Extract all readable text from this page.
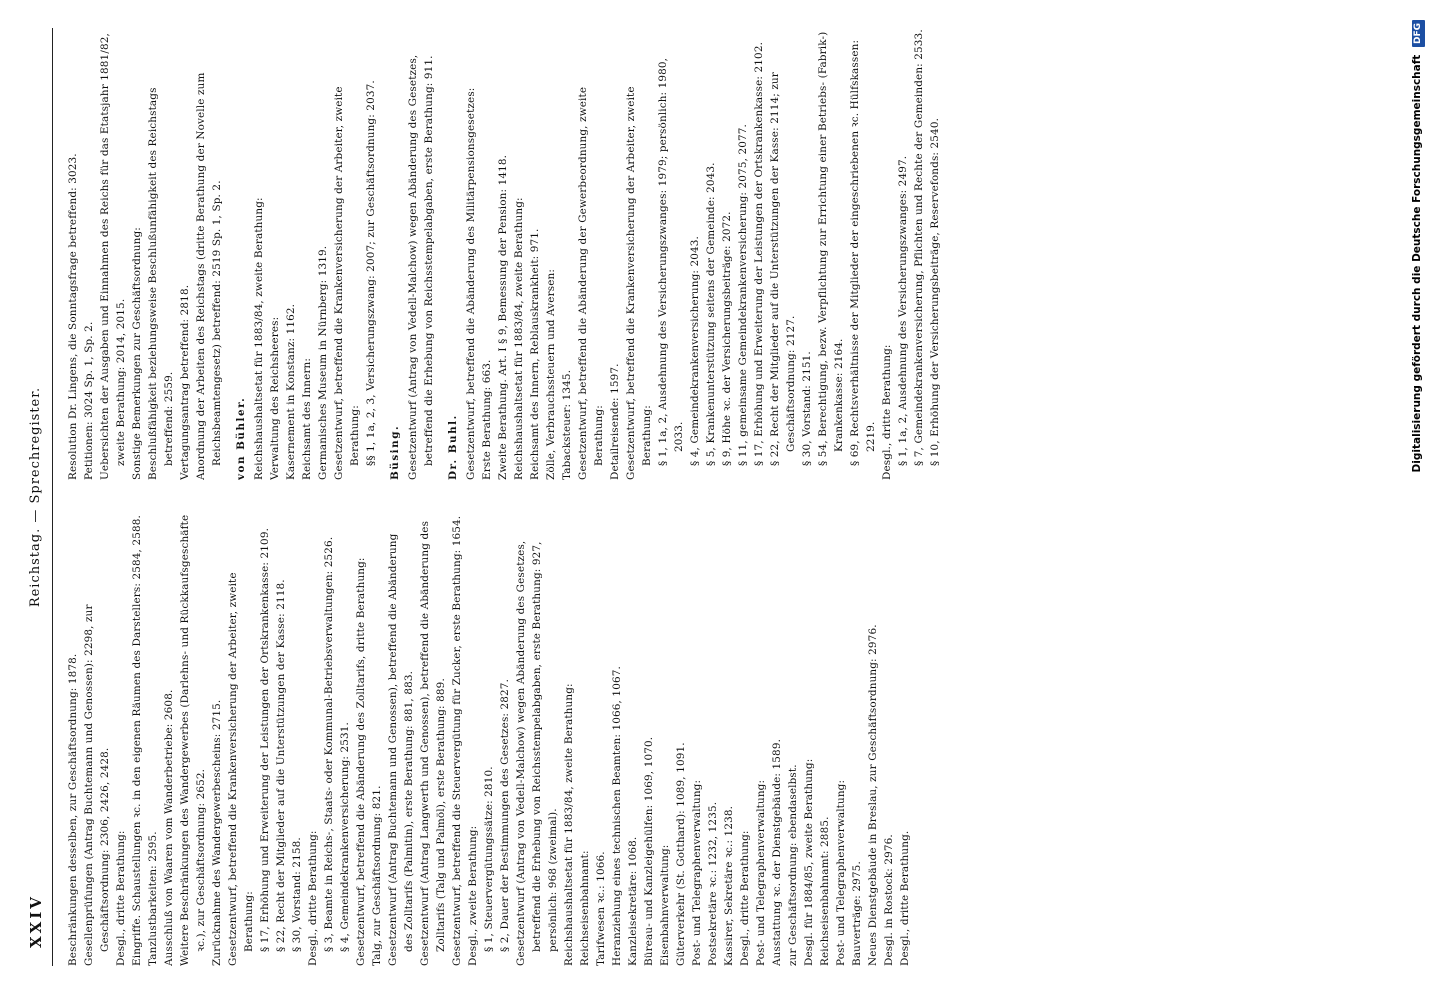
XXIV
Reichstag. — Sprechregister.
Beschränkungen desselben, zur Geschäftsordnung: 1878. Gesellenprüfungen (Antrag Buchtemann und Genossen): 2298, zur Geschäftsordnung: 2306, 2426, 2428. Desgl., dritte Berathung: Eingriffe. Schaustellungen ꝛc. in den eigenen Räumen des Darstellers: 2584, 2588. Tanzlustbarkeiten: 2595. Ausschluß von Waaren vom Wanderbetriebe: 2608. Weitere Beschränkungen des Wandergewerbes (Darlehns- und Rückkaufsgeschäfte ꝛc.), zur Geschäftsordnung: 2652. Zurücknahme des Wandergewerbescheins: 2715. Gesetzentwurf, betreffend die Krankenversicherung der Arbeiter, zweite Berathung: § 17, Erhöhung und Erweiterung der Leistungen der Ortskrankenkasse: 2109. § 22, Recht der Mitglieder auf die Unterstützungen der Kasse: 2118. § 30, Vorstand: 2158. Desgl., dritte Berathung: § 3, Beamte in Reichs-, Staats- oder Kommunal-Betriebsverwaltungen: 2526. § 4, Gemeindekrankenversicherung: 2531. Gesetzentwurf, betreffend die Abänderung des Zolltarifs, dritte Berathung: Talg, zur Geschäftsordnung: 821. Gesetzentwurf (Antrag Buchtemann und Genossen), betreffend die Abänderung des Zolltarifs (Palmitin), erste Berathung: 881, 883. Gesetzentwurf (Antrag Langwerth und Genossen), betreffend die Abänderung des Zolltarifs (Talg und Palmöl), erste Berathung: 889. Gesetzentwurf, betreffend die Steuervergütung für Zucker, erste Berathung: 1654. Desgl., zweite Berathung: § 1, Steuervergütungssätze: 2810. § 2, Dauer der Bestimmungen des Gesetzes: 2827. Gesetzentwurf (Antrag von Vedell-Malchow) wegen Abänderung des Gesetzes, betreffend die Erhebung von Reichsstempelabgaben, erste Berathung: 927, persönlich: 968 (zweimal). Reichshaushaltsetat für 1883/84, zweite Berathung: Reichseisenbahnamt: Tarifwesen ꝛc.: 1066. Heranziehung eines technischen Beamten: 1066, 1067. Kanzleisekretäre: 1068. Büreau- und Kanzleigehülfen: 1069, 1070. Eisenbahnverwaltung: Güterverkehr (St. Gotthard): 1089, 1091. Post- und Telegraphenverwaltung: Postsekretäre ꝛc.: 1232, 1235. Kassirer, Sekretäre ꝛc.: 1238. Desgl., dritte Berathung: Post- und Telegraphenverwaltung: Ausstattung ꝛc. der Dienstgebäude: 1589. zur Geschäftsordnung: ebendaselbst. Desgl. für 1884/85, zweite Berathung: Reichseisenbahnamt: 2885. Post- und Telegraphenverwaltung: Bauverträge: 2975. Neues Dienstgebäude in Breslau, zur Geschäftsordnung: 2976. Desgl. in Rostock: 2976. Desgl., dritte Berathung.
Resolution Dr. Lingens, die Sonntagsfrage betreffend: 3023. Petitionen: 3024 Sp. 1, Sp. 2. Uebersichten der Ausgaben und Einnahmen des Reichs für das Etatsjahr 1881/82, zweite Berathung: 2014, 2015. Sonstige Bemerkungen zur Geschäftsordnung: Beschlußfähigkeit beziehungsweise Beschlußunfähigkeit des Reichstags betreffend: 2559. Vertagungsantrag betreffend: 2818. Anordnung der Arbeiten des Reichstags (dritte Berathung der Novelle zum Reichsbeamtengesetz) betreffend: 2519 Sp. 1, Sp. 2. von Bühler. Reichshaushaltsetat für 1883/84, zweite Berathung: Verwaltung des Reichsheeres: Kasernement in Konstanz: 1162. Reichsamt des Innern: Germanisches Museum in Nürnberg: 1319. Gesetzentwurf, betreffend die Krankenversicherung der Arbeiter, zweite Berathung: §§ 1, 1a, 2, 3, Versicherungszwang: 2007; zur Geschäftsordnung: 2037. Büsing. Gesetzentwurf (Antrag von Vedell-Malchow) wegen Abänderung des Gesetzes, betreffend die Erhebung von Reichsstempelabgaben, erste Berathung: 911. Dr. Buhl. Gesetzentwurf, betreffend die Abänderung des Militärpensionsgesetzes: Erste Berathung: 663. Zweite Berathung. Art. I § 9, Bemessung der Pension: 1418. Reichshaushaltsetat für 1883/84, zweite Berathung: Reichsamt des Innern, Reblauskrankheit: 971. Zölle, Verbrauchssteuern und Aversen: Tabacksteuer: 1345. Gesetzentwurf, betreffend die Abänderung der Gewerbeordnung, zweite Berathung: Detailreisende: 1597. Gesetzentwurf, betreffend die Krankenversicherung der Arbeiter, zweite Berathung: § 1, 1a, 2, Ausdehnung des Versicherungszwanges: 1979; persönlich: 1980, 2033. § 4, Gemeindekrankenversicherung: 2043. § 5, Krankenunterstützung seitens der Gemeinde: 2043. § 9, Höhe ꝛc. der Versicherungsbeiträge: 2072. § 11, gemeinsame Gemeindekrankenversicherung: 2075, 2077. § 17, Erhöhung und Erweiterung der Leistungen der Ortskrankenkasse: 2102. § 22, Recht der Mitglieder auf die Unterstützungen der Kasse: 2114; zur Geschäftsordnung: 2127. § 30, Vorstand: 2151. § 54, Berechtigung, bezw. Verpflichtung zur Errichtung einer Betriebs- (Fabrik-) Krankenkasse: 2164. § 69, Rechtsverhältnisse der Mitglieder der eingeschriebenen ꝛc. Hülfskassen: 2219. Desgl., dritte Berathung: § 1, 1a, 2, Ausdehnung des Versicherungszwanges: 2497. § 7, Gemeindekrankenversicherung, Pflichten und Rechte der Gemeinden: 2533. § 10, Erhöhung der Versicherungsbeiträge, Reservefonds: 2540.	Digitalisierung gefördert durch die Deutsche Forschungsgemeinschaft DFG
